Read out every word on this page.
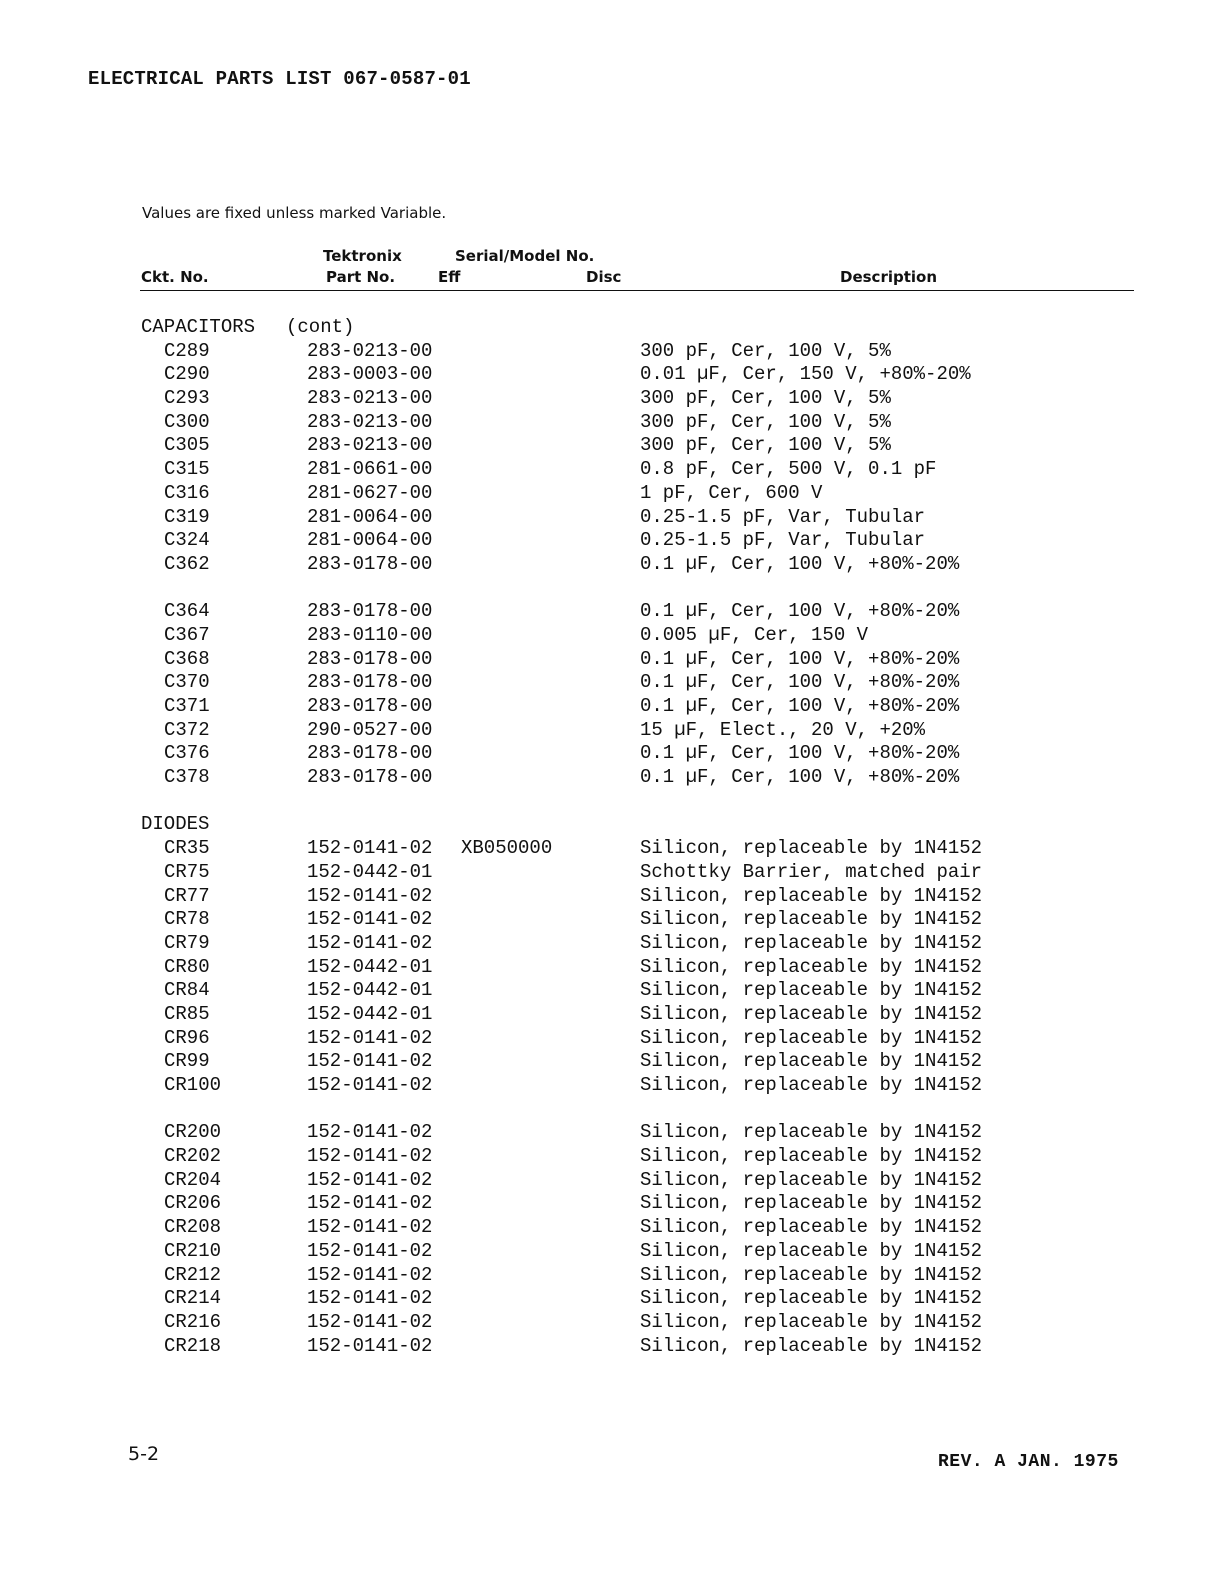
ELECTRICAL PARTS LIST 067-0587-01
Values are fixed unless marked Variable.
Tektronix	Serial/Model No.
Ckt. No.	Part No.	Eff	Disc	Description
CAPACITORS (cont)
C289	283-0213-00	300 pF, Cer, 100 V, 5%
C290	283-0003-00	0.01 µF, Cer, 150 V, +80%-20%
C293	283-0213-00	300 pF, Cer, 100 V, 5%
C300	283-0213-00	300 pF, Cer, 100 V, 5%
C305	283-0213-00	300 pF, Cer, 100 V, 5%
C315	281-0661-00	0.8 pF, Cer, 500 V, 0.1 pF
C316	281-0627-00	1 pF, Cer, 600 V
C319	281-0064-00	0.25-1.5 pF, Var, Tubular
C324	281-0064-00	0.25-1.5 pF, Var, Tubular
C362	283-0178-00	0.1 µF, Cer, 100 V, +80%-20%
C364	283-0178-00	0.1 µF, Cer, 100 V, +80%-20%
C367	283-0110-00	0.005 µF, Cer, 150 V
C368	283-0178-00	0.1 µF, Cer, 100 V, +80%-20%
C370	283-0178-00	0.1 µF, Cer, 100 V, +80%-20%
C371	283-0178-00	0.1 µF, Cer, 100 V, +80%-20%
C372	290-0527-00	15 µF, Elect., 20 V, +20%
C376	283-0178-00	0.1 µF, Cer, 100 V, +80%-20%
C378	283-0178-00	0.1 µF, Cer, 100 V, +80%-20%
DIODES
CR35	152-0141-02 XB050000	Silicon, replaceable by 1N4152
CR75	152-0442-01	Schottky Barrier, matched pair
CR77	152-0141-02	Silicon, replaceable by 1N4152
CR78	152-0141-02	Silicon, replaceable by 1N4152
CR79	152-0141-02	Silicon, replaceable by 1N4152
CR80	152-0442-01	Silicon, replaceable by 1N4152
CR84	152-0442-01	Silicon, replaceable by 1N4152
CR85	152-0442-01	Silicon, replaceable by 1N4152
CR96	152-0141-02	Silicon, replaceable by 1N4152
CR99	152-0141-02	Silicon, replaceable by 1N4152
CR100	152-0141-02	Silicon, replaceable by 1N4152
CR200	152-0141-02	Silicon, replaceable by 1N4152
CR202	152-0141-02	Silicon, replaceable by 1N4152
CR204	152-0141-02	Silicon, replaceable by 1N4152
CR206	152-0141-02	Silicon, replaceable by 1N4152
CR208	152-0141-02	Silicon, replaceable by 1N4152
CR210	152-0141-02	Silicon, replaceable by 1N4152
CR212	152-0141-02	Silicon, replaceable by 1N4152
CR214	152-0141-02	Silicon, replaceable by 1N4152
CR216	152-0141-02	Silicon, replaceable by 1N4152
CR218	152-0141-02	Silicon, replaceable by 1N4152
5-2	REV. A JAN. 1975
